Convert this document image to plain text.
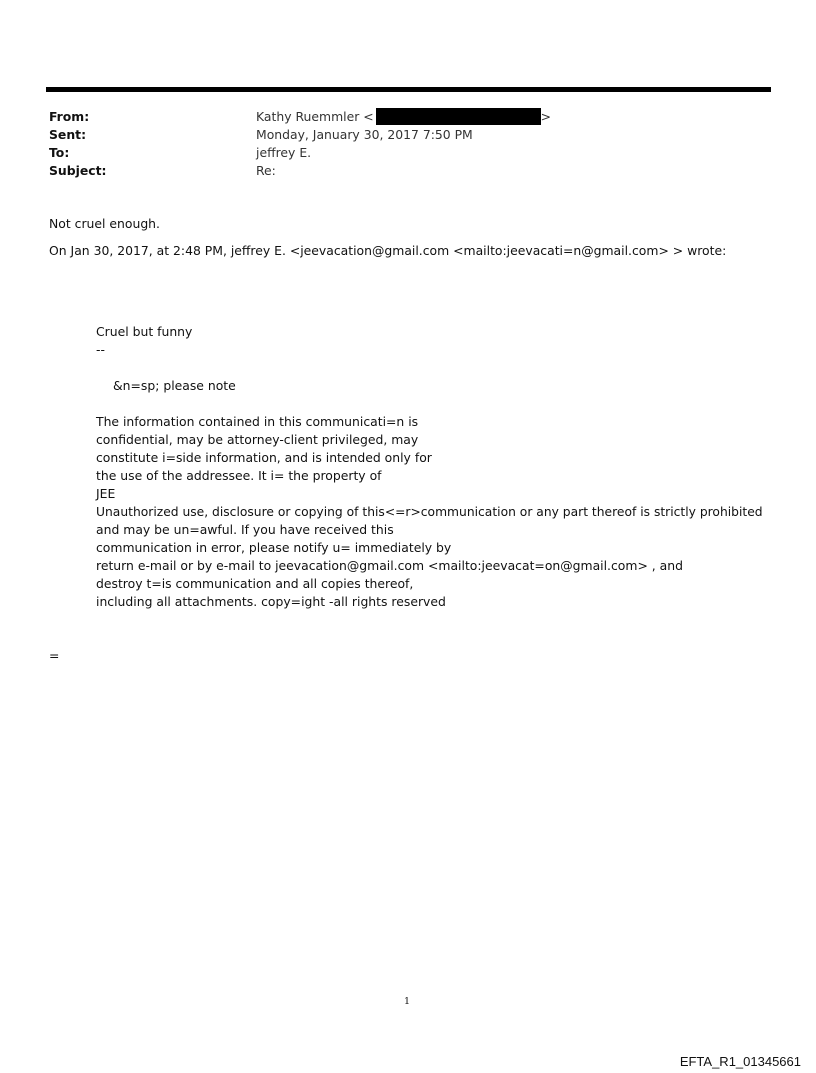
From:	Kathy Ruemmler <	>
Sent:	Monday, January 30, 2017 7:50 PM
To:	jeffrey E.
Subject:	Re:
Not cruel enough.
On Jan 30, 2017, at 2:48 PM, jeffrey E. <jeevacation@gmail.com <mailto:jeevacati=n@gmail.com> > wrote:
Cruel but funny
--
&n=sp; please note
The information contained in this communicati=n is
confidential, may be attorney-client privileged, may
constitute i=side information, and is intended only for
the use of the addressee. It i= the property of
JEE
Unauthorized use, disclosure or copying of this<=r>communication or any part thereof is strictly prohibited
and may be un=awful. If you have received this
communication in error, please notify u= immediately by
return e-mail or by e-mail to jeevacation@gmail.com <mailto:jeevacat=on@gmail.com> , and
destroy t=is communication and all copies thereof,
including all attachments. copy=ight -all rights reserved
=
1
EFTA_R1_01345661
